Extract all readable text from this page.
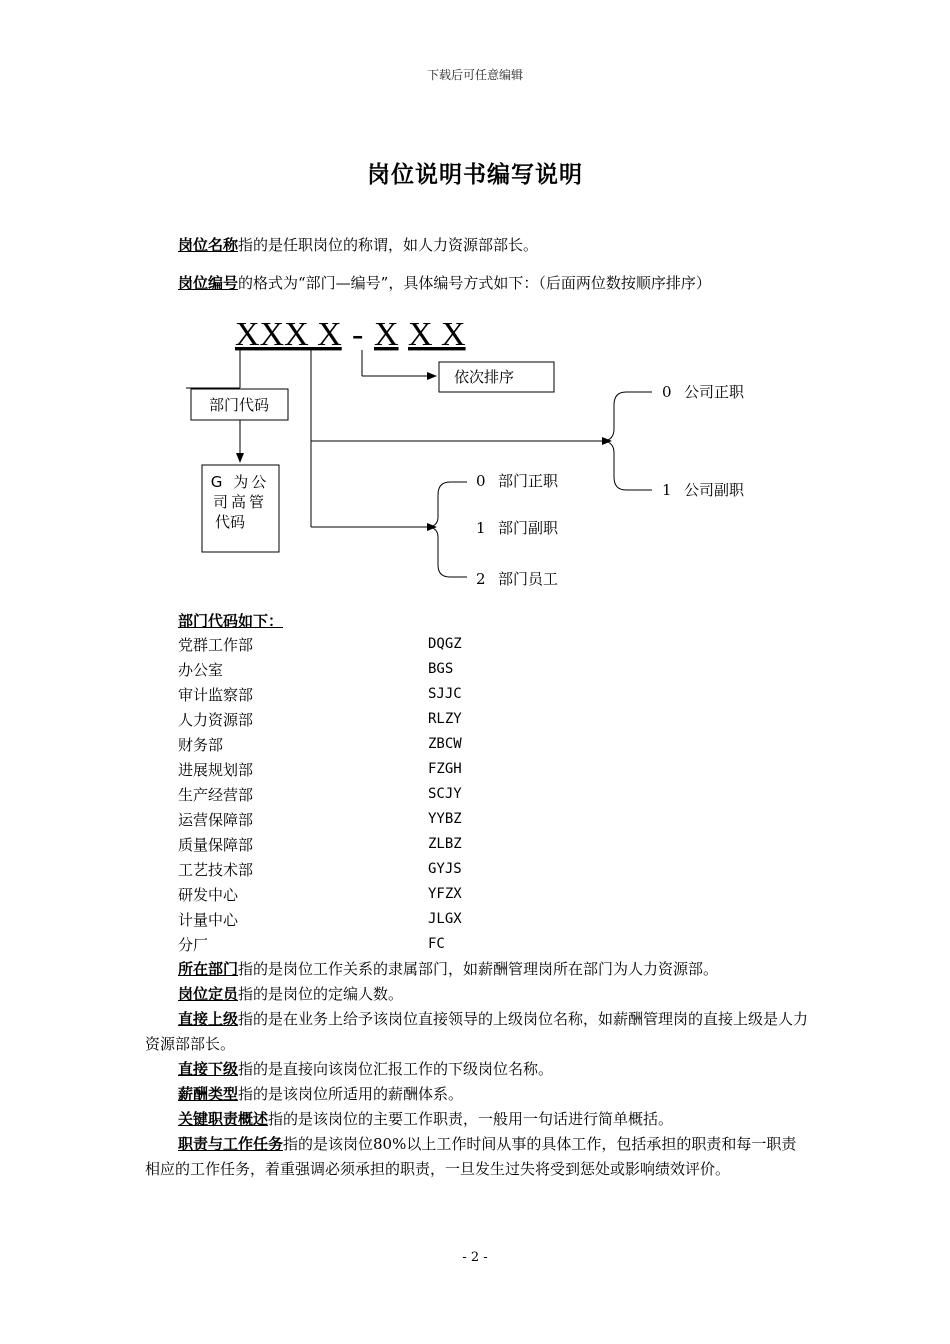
下载后可任意编辑
岗位说明书编写说明
岗位名称指的是任职岗位的称谓，如人力资源部部长。
岗位编号的格式为“部门—编号”，具体编号方式如下：（后面两位数按顺序排序）
XXX X - X X X
部门代码
G 为公
司高管
代码
依次排序
0 公司正职
1 公司副职
0 部门正职
1 部门副职
2 部门员工
部门代码如下：
党群工作部	DQGZ
办公室	BGS
审计监察部	SJJC
人力资源部	RLZY
财务部	ZBCW
进展规划部	FZGH
生产经营部	SCJY
运营保障部	YYBZ
质量保障部	ZLBZ
工艺技术部	GYJS
研发中心	YFZX
计量中心	JLGX
分厂	FC
所在部门指的是岗位工作关系的隶属部门，如薪酬管理岗所在部门为人力资源部。
岗位定员指的是岗位的定编人数。
直接上级指的是在业务上给予该岗位直接领导的上级岗位名称，如薪酬管理岗的直接上级是人力资源部部长。
直接下级指的是直接向该岗位汇报工作的下级岗位名称。
薪酬类型指的是该岗位所适用的薪酬体系。
关键职责概述指的是该岗位的主要工作职责，一般用一句话进行简单概括。
职责与工作任务指的是该岗位80%以上工作时间从事的具体工作，包括承担的职责和每一职责相应的工作任务，着重强调必须承担的职责，一旦发生过失将受到惩处或影响绩效评价。
- 2 -
